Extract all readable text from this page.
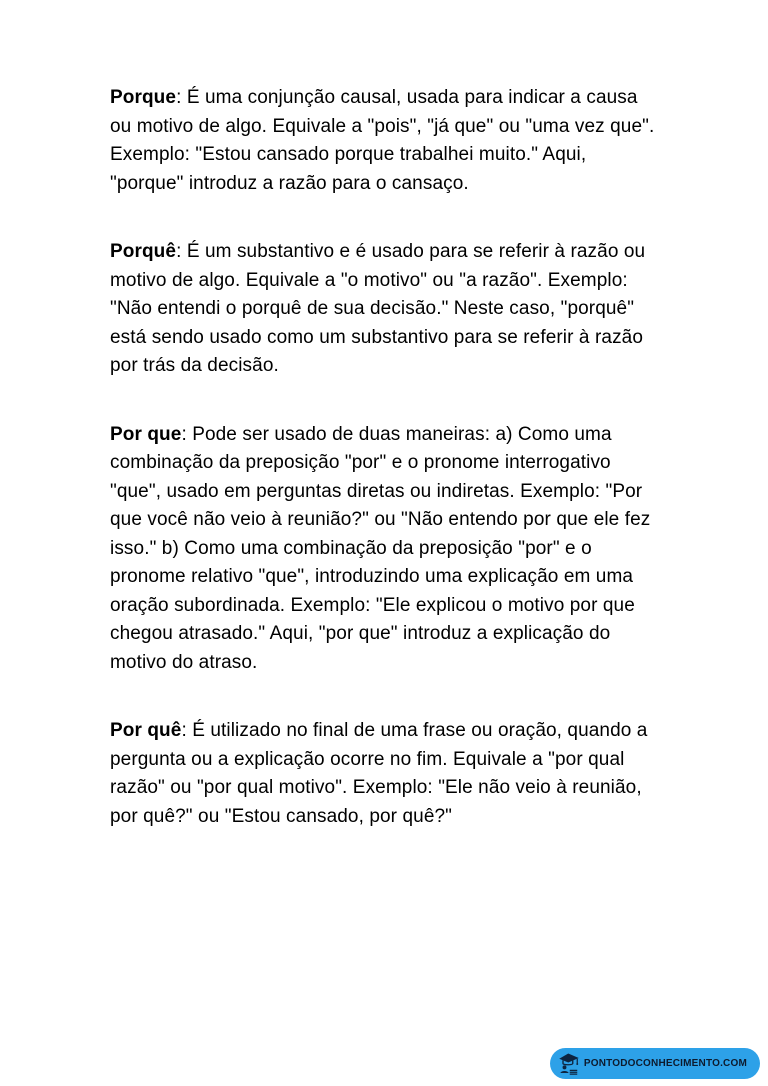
Porque: É uma conjunção causal, usada para indicar a causa ou motivo de algo. Equivale a "pois", "já que" ou "uma vez que". Exemplo: "Estou cansado porque trabalhei muito." Aqui, "porque" introduz a razão para o cansaço.

Porquê: É um substantivo e é usado para se referir à razão ou motivo de algo. Equivale a "o motivo" ou "a razão". Exemplo: "Não entendi o porquê de sua decisão." Neste caso, "porquê" está sendo usado como um substantivo para se referir à razão por trás da decisão.

Por que: Pode ser usado de duas maneiras: a) Como uma combinação da preposição "por" e o pronome interrogativo "que", usado em perguntas diretas ou indiretas. Exemplo: "Por que você não veio à reunião?" ou "Não entendo por que ele fez isso." b) Como uma combinação da preposição "por" e o pronome relativo "que", introduzindo uma explicação em uma oração subordinada. Exemplo: "Ele explicou o motivo por que chegou atrasado." Aqui, "por que" introduz a explicação do motivo do atraso.

Por quê: É utilizado no final de uma frase ou oração, quando a pergunta ou a explicação ocorre no fim. Equivale a "por qual razão" ou "por qual motivo". Exemplo: "Ele não veio à reunião, por quê?" ou "Estou cansado, por quê?"

PONTODOCONHECIMENTO.COM
